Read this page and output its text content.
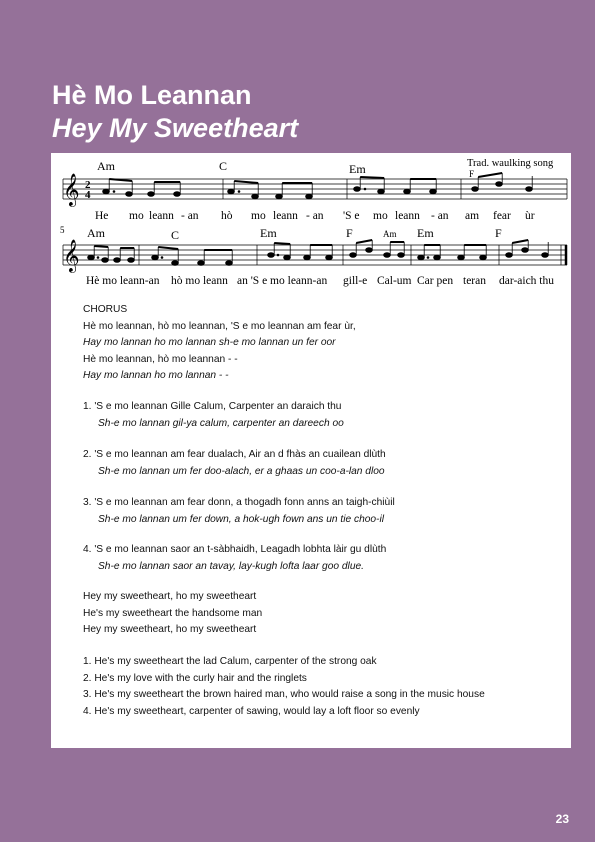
Hè Mo Leannan
Hey My Sweetheart
Trad. waulking song
𝄞 2
4
Am	C	Em	F
He mo leann - an hò mo leann - an 'S e mo leann - an am fear ùr
5
𝄞
Am	C	Em	F	Am Em	F
Hè mo leann-an hò mo leann an 'S e mo leann-an gill-e Cal-um Car pen teran dar-aich thu
CHORUS
Hè mo leannan, hò mo leannan, 'S e mo leannan am fear ùr,
Hay mo lannan ho mo lannan sh-e mo lannan un fer oor
Hè mo leannan, hò mo leannan - -
Hay mo lannan ho mo lannan - -
1. 'S e mo leannan Gille Calum, Carpenter an daraich thu
Sh-e mo lannan gil-ya calum, carpenter an dareech oo
2. 'S e mo leannan am fear dualach, Air an d fhàs an cuailean dlùth
Sh-e mo lannan um fer doo-alach, er a ghaas un coo-a-lan dloo
3. 'S e mo leannan am fear donn, a thogadh fonn anns an taigh-chiùil
Sh-e mo lannan um fer down, a hok-ugh fown ans un tie choo-il
4. 'S e mo leannan saor an t-sàbhaidh, Leagadh lobhta làir gu dlùth
Sh-e mo lannan saor an tavay, lay-kugh lofta laar goo dlue.
Hey my sweetheart, ho my sweetheart
He's my sweetheart the handsome man
Hey my sweetheart, ho my sweetheart
1. He's my sweetheart the lad Calum, carpenter of the strong oak
2. He's my love with the curly hair and the ringlets
3. He's my sweetheart the brown haired man, who would raise a song in the music house
4. He's my sweetheart, carpenter of sawing, would lay a loft floor so evenly
23
